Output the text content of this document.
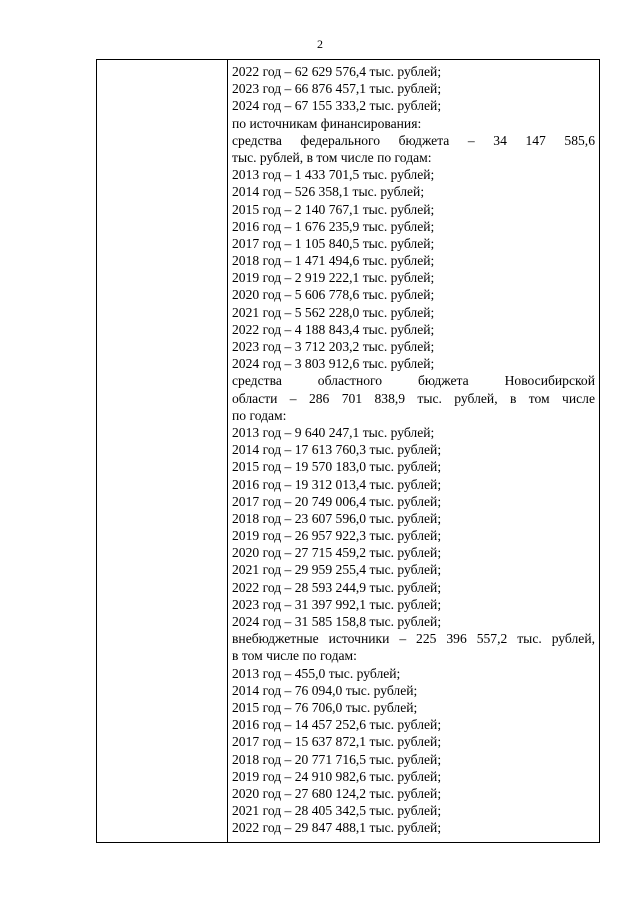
2
2022 год – 62 629 576,4 тыс. рублей;
2023 год – 66 876 457,1 тыс. рублей;
2024 год – 67 155 333,2 тыс. рублей;
по источникам финансирования:
средства федерального бюджета – 34 147 585,6
тыс. рублей, в том числе по годам:
2013 год – 1 433 701,5 тыс. рублей;
2014 год – 526 358,1 тыс. рублей;
2015 год – 2 140 767,1 тыс. рублей;
2016 год – 1 676 235,9 тыс. рублей;
2017 год – 1 105 840,5 тыс. рублей;
2018 год – 1 471 494,6 тыс. рублей;
2019 год – 2 919 222,1 тыс. рублей;
2020 год – 5 606 778,6 тыс. рублей;
2021 год – 5 562 228,0 тыс. рублей;
2022 год – 4 188 843,4 тыс. рублей;
2023 год – 3 712 203,2 тыс. рублей;
2024 год – 3 803 912,6 тыс. рублей;
средства областного бюджета Новосибирской
области – 286 701 838,9 тыс. рублей, в том числе
по годам:
2013 год – 9 640 247,1 тыс. рублей;
2014 год – 17 613 760,3 тыс. рублей;
2015 год – 19 570 183,0 тыс. рублей;
2016 год – 19 312 013,4 тыс. рублей;
2017 год – 20 749 006,4 тыс. рублей;
2018 год – 23 607 596,0 тыс. рублей;
2019 год – 26 957 922,3 тыс. рублей;
2020 год – 27 715 459,2 тыс. рублей;
2021 год – 29 959 255,4 тыс. рублей;
2022 год – 28 593 244,9 тыс. рублей;
2023 год – 31 397 992,1 тыс. рублей;
2024 год – 31 585 158,8 тыс. рублей;
внебюджетные источники – 225 396 557,2 тыс. рублей,
в том числе по годам:
2013 год – 455,0 тыс. рублей;
2014 год – 76 094,0 тыс. рублей;
2015 год – 76 706,0 тыс. рублей;
2016 год – 14 457 252,6 тыс. рублей;
2017 год – 15 637 872,1 тыс. рублей;
2018 год – 20 771 716,5 тыс. рублей;
2019 год – 24 910 982,6 тыс. рублей;
2020 год – 27 680 124,2 тыс. рублей;
2021 год – 28 405 342,5 тыс. рублей;
2022 год – 29 847 488,1 тыс. рублей;
